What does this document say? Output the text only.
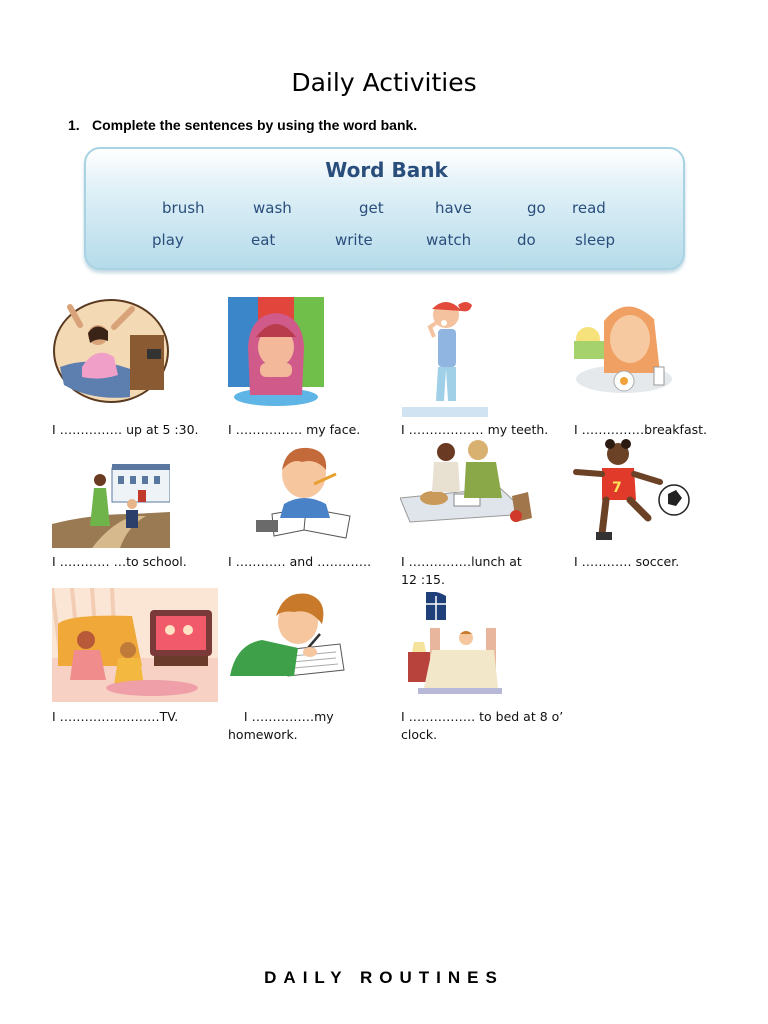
Daily Activities
1. Complete the sentences by using the word bank.
Word Bank
brush	wash	get	have	go read
play	eat	write	watch	do	sleep
7
I …………… up at 5 :30. I ……………. my face.	I ……………… my teeth. I ……………breakfast.
I ………… …to school.	I ………… and …………. I ……………lunch at
12 :15.
I ………… soccer.
I ……………………TV.	I ……………my
homework.
I ……………. to bed at 8 o’
clock.
DAILY ROUTINES
